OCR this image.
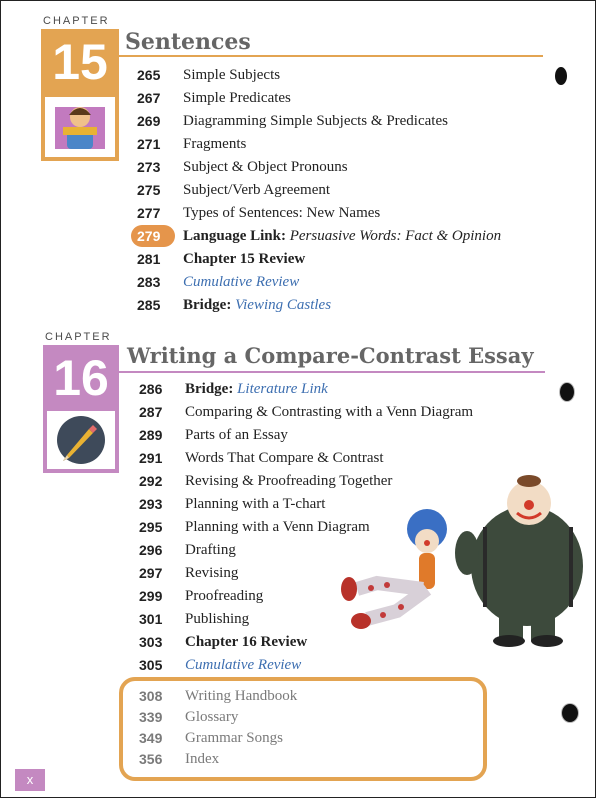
CHAPTER
15 Sentences
265	Simple Subjects
267	Simple Predicates
269	Diagramming Simple Subjects & Predicates
271	Fragments
273	Subject & Object Pronouns
275	Subject/Verb Agreement
277	Types of Sentences: New Names
279	Language Link: Persuasive Words: Fact & Opinion
281	Chapter 15 Review
283	Cumulative Review
285	Bridge: Viewing Castles
CHAPTER
16 Writing a Compare-Contrast Essay
286	Bridge: Literature Link
287	Comparing & Contrasting with a Venn Diagram
289	Parts of an Essay
291	Words That Compare & Contrast
292	Revising & Proofreading Together
293	Planning with a T-chart
295	Planning with a Venn Diagram
296	Drafting
297	Revising
299	Proofreading
301	Publishing
303	Chapter 16 Review
305	Cumulative Review
308	Writing Handbook
339	Glossary
349	Grammar Songs
356	Index
x
